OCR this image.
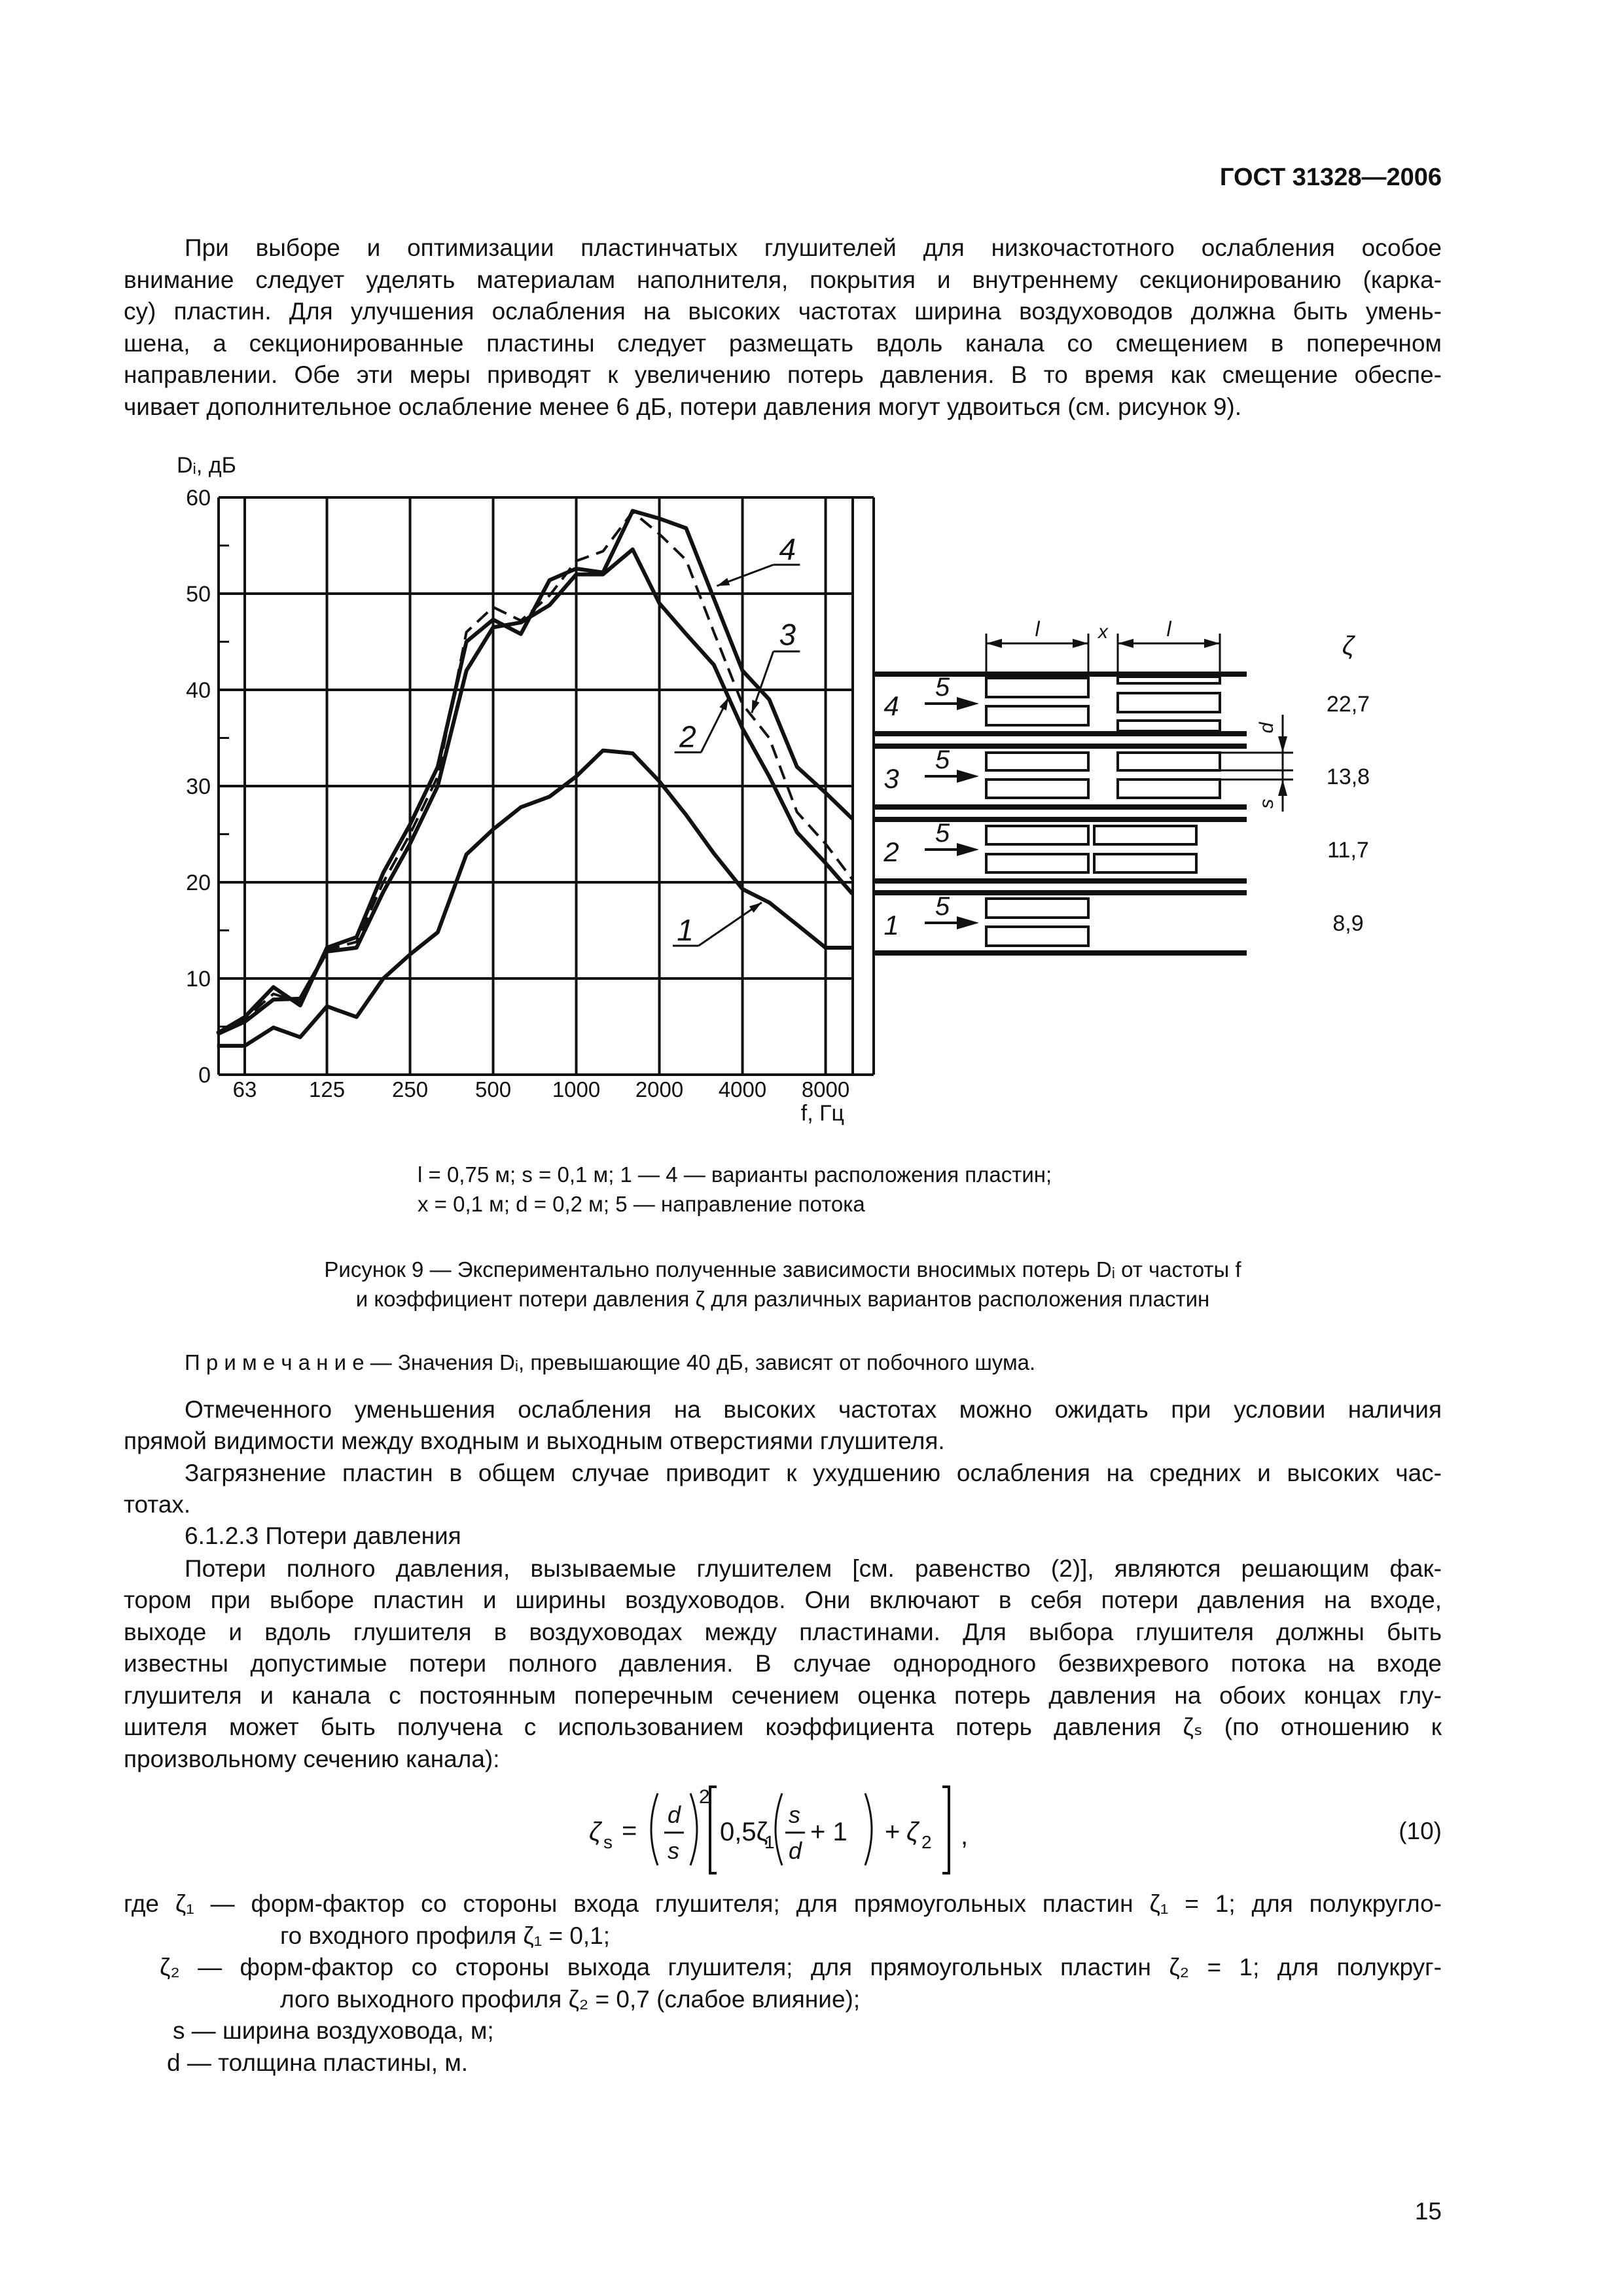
ГОСТ 31328—2006
При выборе и оптимизации пластинчатых глушителей для низкочастотного ослабления особое
внимание следует уделять материалам наполнителя, покрытия и внутреннему секционированию (карка-
су) пластин. Для улучшения ослабления на высоких частотах ширина воздуховодов должна быть умень-
шена, а секционированные пластины следует размещать вдоль канала со смещением в поперечном
направлении. Обе эти меры приводят к увеличению потерь давления. В то время как смещение обеспе-
чивает дополнительное ослабление менее 6 дБ, потери давления могут удвоиться (см. рисунок 9).
0
10
20
30
40
50
60
63 125 250 500 1000 2000 4000 8000
1
2
3
4
Dᵢ, дБ
f, Гц
d
s
l	l
x	ζ
4
5
22,7
3
5
13,8
2
5
11,7
1
5
8,9
l = 0,75 м; s = 0,1 м; 1 — 4 — варианты расположения пластин;
x = 0,1 м; d = 0,2 м; 5 — направление потока
Рисунок 9 — Экспериментально полученные зависимости вносимых потерь Dᵢ от частоты f
и коэффициент потери давления ζ для различных вариантов расположения пластин
П р и м е ч а н и е — Значения Dᵢ, превышающие 40 дБ, зависят от побочного шума.
Отмеченного уменьшения ослабления на высоких частотах можно ожидать при условии наличия
прямой видимости между входным и выходным отверстиями глушителя.
Загрязнение пластин в общем случае приводит к ухудшению ослабления на средних и высоких час-
тотах.
6.1.2.3 Потери давления
Потери полного давления, вызываемые глушителем [см. равенство (2)], являются решающим фак-
тором при выборе пластин и ширины воздуховодов. Они включают в себя потери давления на входе,
выходе и вдоль глушителя в воздуховодах между пластинами. Для выбора глушителя должны быть
известны допустимые потери полного давления. В случае однородного безвихревого потока на входе
глушителя и канала с постоянным поперечным сечением оценка потерь давления на обоих концах глу-
шителя может быть получена с использованием коэффициента потерь давления ζₛ (по отношению к
произвольному сечению канала):
ζ s =
d
s
2
0,5ζ
1
s
d
+ 1 + ζ 2 ,	(10)
где ζ₁ — форм-фактор со стороны входа глушителя; для прямоугольных пластин ζ₁ = 1; для полукругло-
го входного профиля ζ₁ = 0,1;
ζ₂ — форм-фактор со стороны выхода глушителя; для прямоугольных пластин ζ₂ = 1; для полукруг-
лого выходного профиля ζ₂ = 0,7 (слабое влияние);
s — ширина воздуховода, м;
d — толщина пластины, м.
15
